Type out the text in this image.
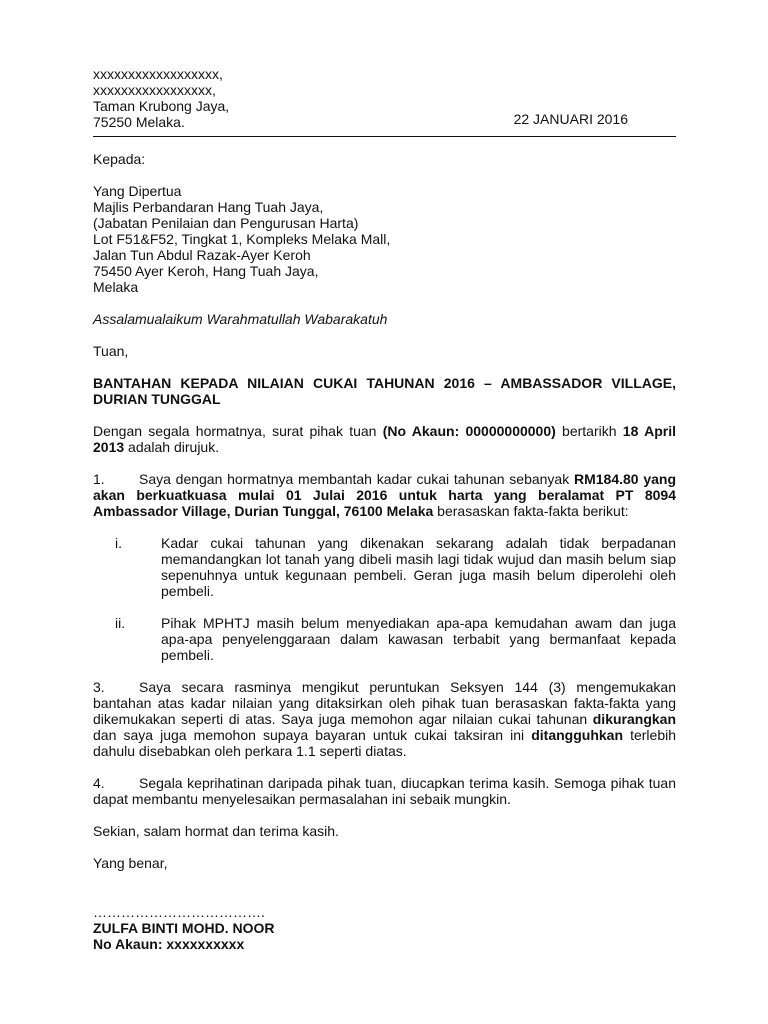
xxxxxxxxxxxxxxxxxx,
xxxxxxxxxxxxxxxxx,
Taman Krubong Jaya,
75250 Melaka.	22 JANUARI 2016
Kepada:
Yang Dipertua
Majlis Perbandaran Hang Tuah Jaya,
(Jabatan Penilaian dan Pengurusan Harta)
Lot F51&F52, Tingkat 1, Kompleks Melaka Mall,
Jalan Tun Abdul Razak-Ayer Keroh
75450 Ayer Keroh, Hang Tuah Jaya,
Melaka
Assalamualaikum Warahmatullah Wabarakatuh
Tuan,
BANTAHAN KEPADA NILAIAN CUKAI TAHUNAN 2016 – AMBASSADOR VILLAGE, DURIAN TUNGGAL
Dengan segala hormatnya, surat pihak tuan (No Akaun: 00000000000) bertarikh 18 April 2013 adalah dirujuk.
1. Saya dengan hormatnya membantah kadar cukai tahunan sebanyak RM184.80 yang akan berkuatkuasa mulai 01 Julai 2016 untuk harta yang beralamat PT 8094 Ambassador Village, Durian Tunggal, 76100 Melaka berasaskan fakta-fakta berikut:
i.	Kadar cukai tahunan yang dikenakan sekarang adalah tidak berpadanan memandangkan lot tanah yang dibeli masih lagi tidak wujud dan masih belum siap sepenuhnya untuk kegunaan pembeli. Geran juga masih belum diperolehi oleh pembeli.
ii.	Pihak MPHTJ masih belum menyediakan apa-apa kemudahan awam dan juga apa-apa penyelenggaraan dalam kawasan terbabit yang bermanfaat kepada pembeli.
3. Saya secara rasminya mengikut peruntukan Seksyen 144 (3) mengemukakan bantahan atas kadar nilaian yang ditaksirkan oleh pihak tuan berasaskan fakta-fakta yang dikemukakan seperti di atas. Saya juga memohon agar nilaian cukai tahunan dikurangkan dan saya juga memohon supaya bayaran untuk cukai taksiran ini ditangguhkan terlebih dahulu disebabkan oleh perkara 1.1 seperti diatas.
4. Segala keprihatinan daripada pihak tuan, diucapkan terima kasih. Semoga pihak tuan dapat membantu menyelesaikan permasalahan ini sebaik mungkin.
Sekian, salam hormat dan terima kasih.
Yang benar,
……………………………….
ZULFA BINTI MOHD. NOOR
No Akaun: xxxxxxxxxx
